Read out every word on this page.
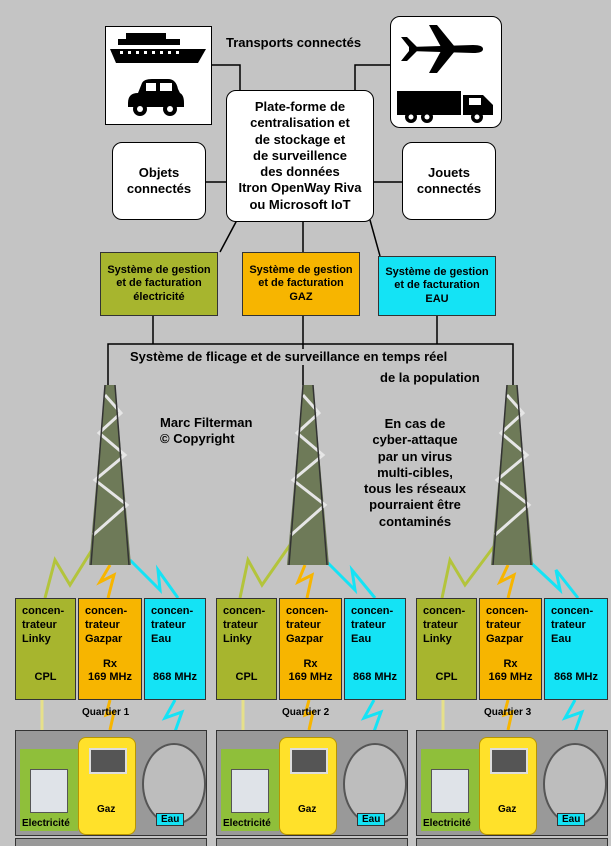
Transports connectés
Plate-forme de
centralisation et
de stockage et
de surveillence
des données
Itron OpenWay Riva
ou Microsoft IoT
Objets
connectés
Jouets
connectés
Système de gestion
et de facturation
électricité
Système de gestion
et de facturation
GAZ
Système de gestion
et de facturation
EAU
Système de flicage et de surveillance en temps réel
de la population
Marc Filterman
© Copyright
En cas de
cyber-attaque
par un virus
multi-cibles,
tous les réseaux
pourraient être
contaminés
concen-
trateur
Linky
CPL
concen-
trateur
Gazpar
Rx
169 MHz
concen-
trateur
Eau
868 MHz
concen-
trateur
Linky
CPL
concen-
trateur
Gazpar
Rx
169 MHz
concen-
trateur
Eau
868 MHz
concen-
trateur
Linky
CPL
concen-
trateur
Gazpar
Rx
169 MHz
concen-
trateur
Eau
868 MHz
Quartier 1	Quartier 2	Quartier 3
Electricité
Gaz
Eau	Electricité
Gaz
Eau	Electricité
Gaz
Eau
